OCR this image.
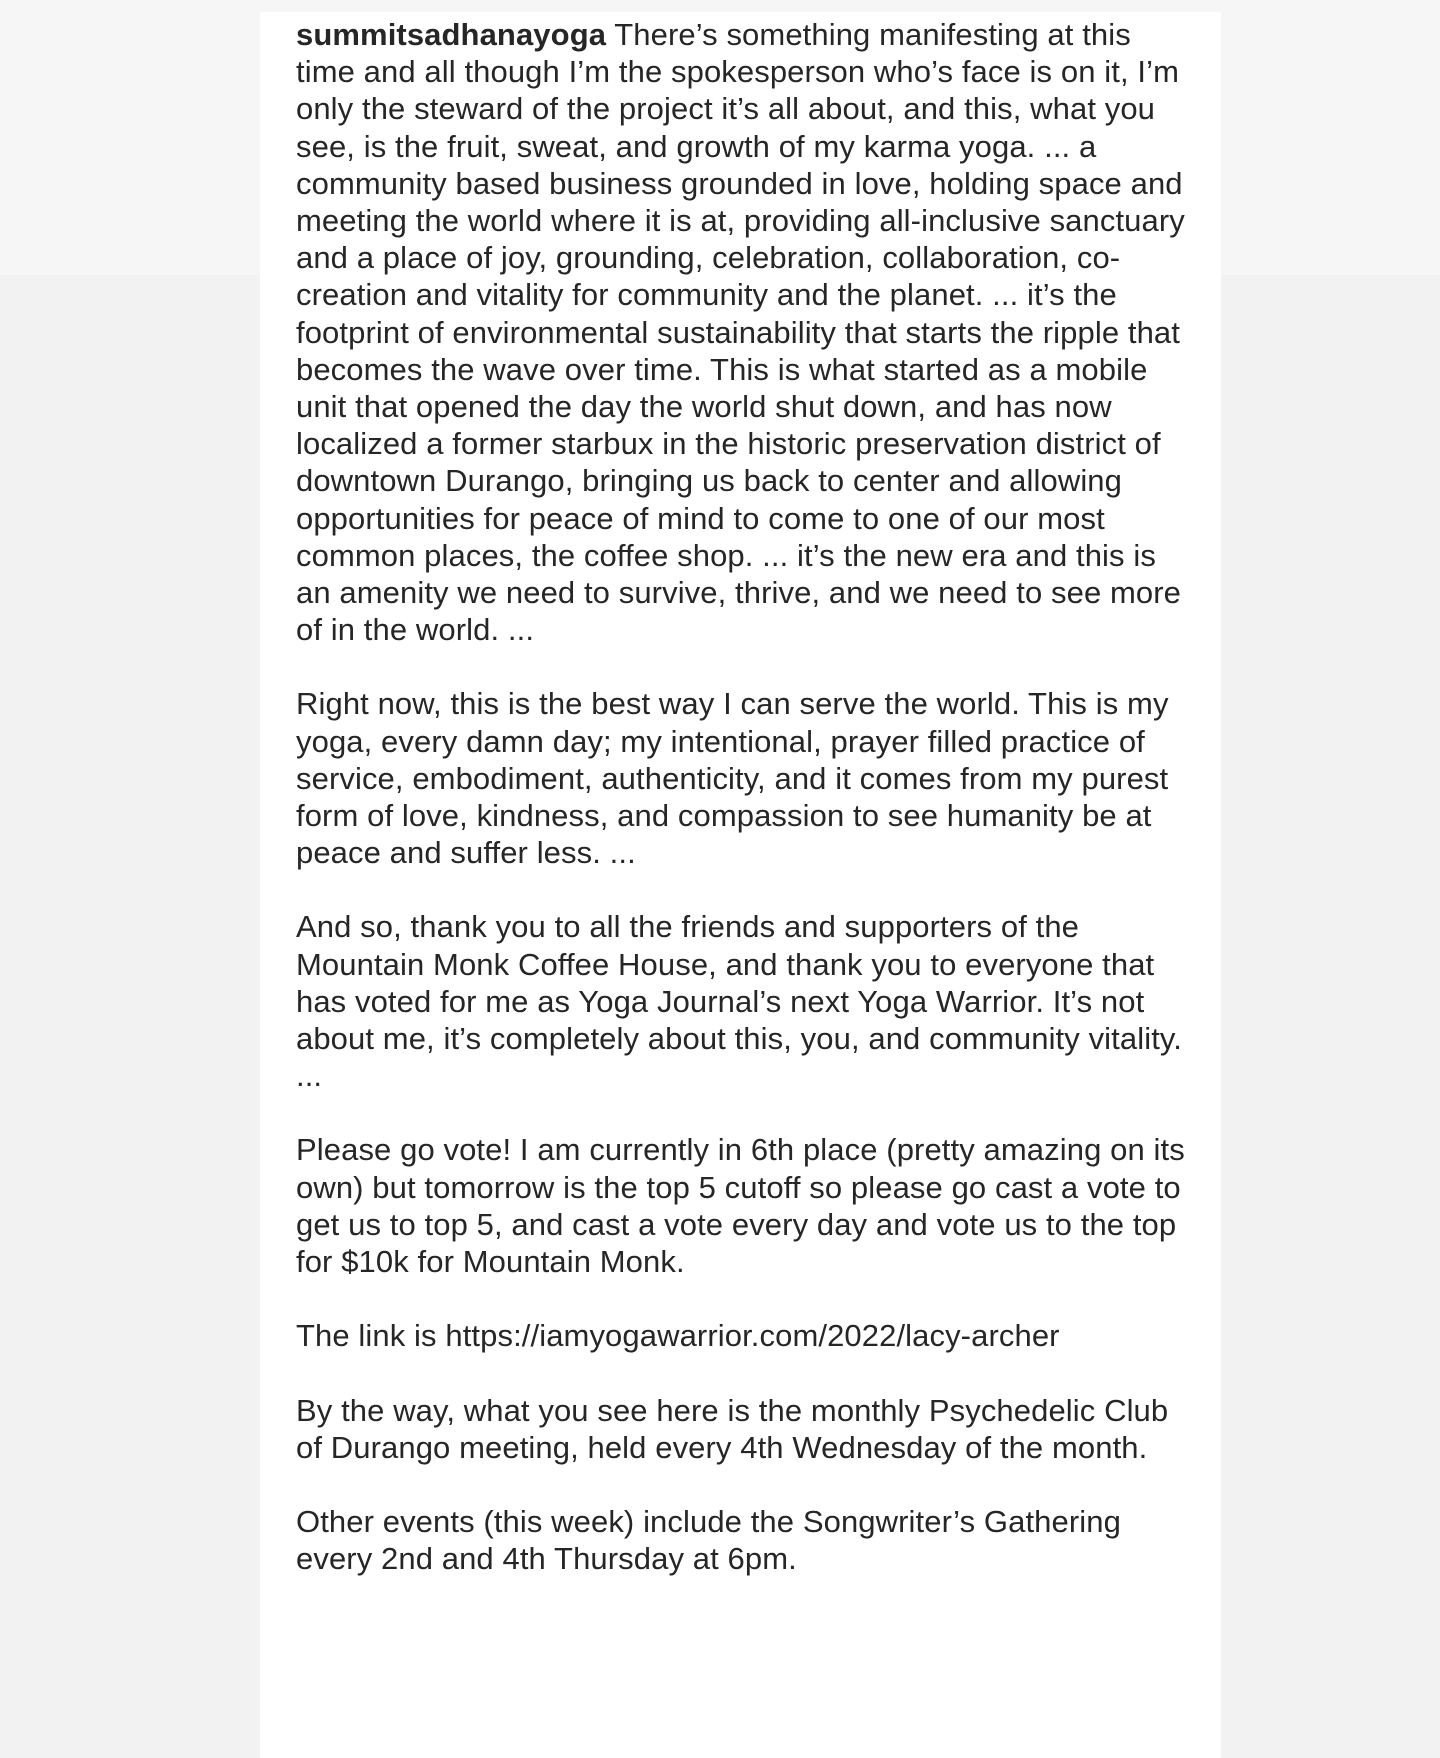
summitsadhanayoga There’s something manifesting at this time and all though I’m the spokesperson who’s face is on it, I’m only the steward of the project it’s all about, and this, what you see, is the fruit, sweat, and growth of my karma yoga. ... a community based business grounded in love, holding space and meeting the world where it is at, providing all-inclusive sanctuary and a place of joy, grounding, celebration, collaboration, co-creation and vitality for community and the planet. ... it’s the footprint of environmental sustainability that starts the ripple that becomes the wave over time. This is what started as a mobile unit that opened the day the world shut down, and has now localized a former starbux in the historic preservation district of downtown Durango, bringing us back to center and allowing opportunities for peace of mind to come to one of our most common places, the coffee shop. ... it’s the new era and this is an amenity we need to survive, thrive, and we need to see more of in the world. ...

Right now, this is the best way I can serve the world. This is my yoga, every damn day; my intentional, prayer filled practice of service, embodiment, authenticity, and it comes from my purest form of love, kindness, and compassion to see humanity be at peace and suffer less. ...

And so, thank you to all the friends and supporters of the Mountain Monk Coffee House, and thank you to everyone that has voted for me as Yoga Journal’s next Yoga Warrior. It’s not about me, it’s completely about this, you, and community vitality. ...

Please go vote! I am currently in 6th place (pretty amazing on its own) but tomorrow is the top 5 cutoff so please go cast a vote to get us to top 5, and cast a vote every day and vote us to the top for $10k for Mountain Monk.

The link is https://iamyogawarrior.com/2022/lacy-archer

By the way, what you see here is the monthly Psychedelic Club of Durango meeting, held every 4th Wednesday of the month.

Other events (this week) include the Songwriter’s Gathering every 2nd and 4th Thursday at 6pm.
